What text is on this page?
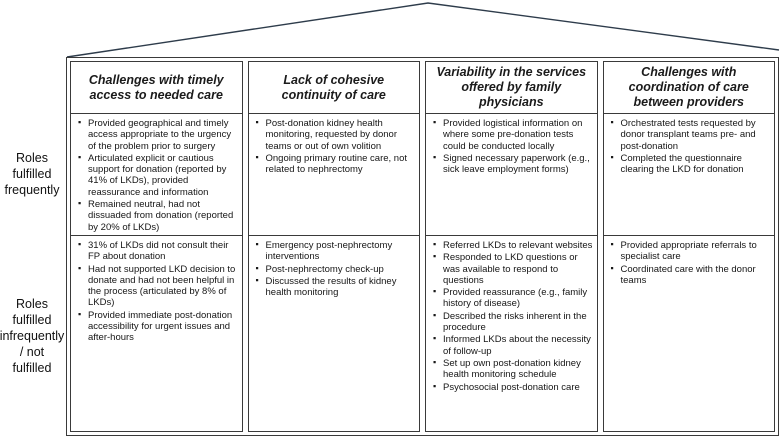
Roles fulfilled frequently
Roles fulfilled infrequently / not fulfilled
Challenges with timely access to needed care
▪ Provided geographical and timely access appropriate to the urgency of the problem prior to surgery
▪ Articulated explicit or cautious support for donation (reported by 41% of LKDs), provided reassurance and information
▪ Remained neutral, had not dissuaded from donation (reported by 20% of LKDs)
▪ 31% of LKDs did not consult their FP about donation
▪ Had not supported LKD decision to donate and had not been helpful in the process (articulated by 8% of LKDs)
▪ Provided immediate post-donation accessibility for urgent issues and after-hours
Lack of cohesive continuity of care
▪ Post-donation kidney health monitoring, requested by donor teams or out of own volition
▪ Ongoing primary routine care, not related to nephrectomy
▪ Emergency post-nephrectomy interventions
▪ Post-nephrectomy check-up
▪ Discussed the results of kidney health monitoring
Variability in the services offered by family physicians
▪ Provided logistical information on where some pre-donation tests could be conducted locally
▪ Signed necessary paperwork (e.g., sick leave employment forms)
▪ Referred LKDs to relevant websites
▪ Responded to LKD questions or was available to respond to questions
▪ Provided reassurance (e.g., family history of disease)
▪ Described the risks inherent in the procedure
▪ Informed LKDs about the necessity of follow-up
▪ Set up own post-donation kidney health monitoring schedule
▪ Psychosocial post-donation care
Challenges with coordination of care between providers
▪ Orchestrated tests requested by donor transplant teams pre- and post-donation
▪ Completed the questionnaire clearing the LKD for donation
▪ Provided appropriate referrals to specialist care
▪ Coordinated care with the donor teams
